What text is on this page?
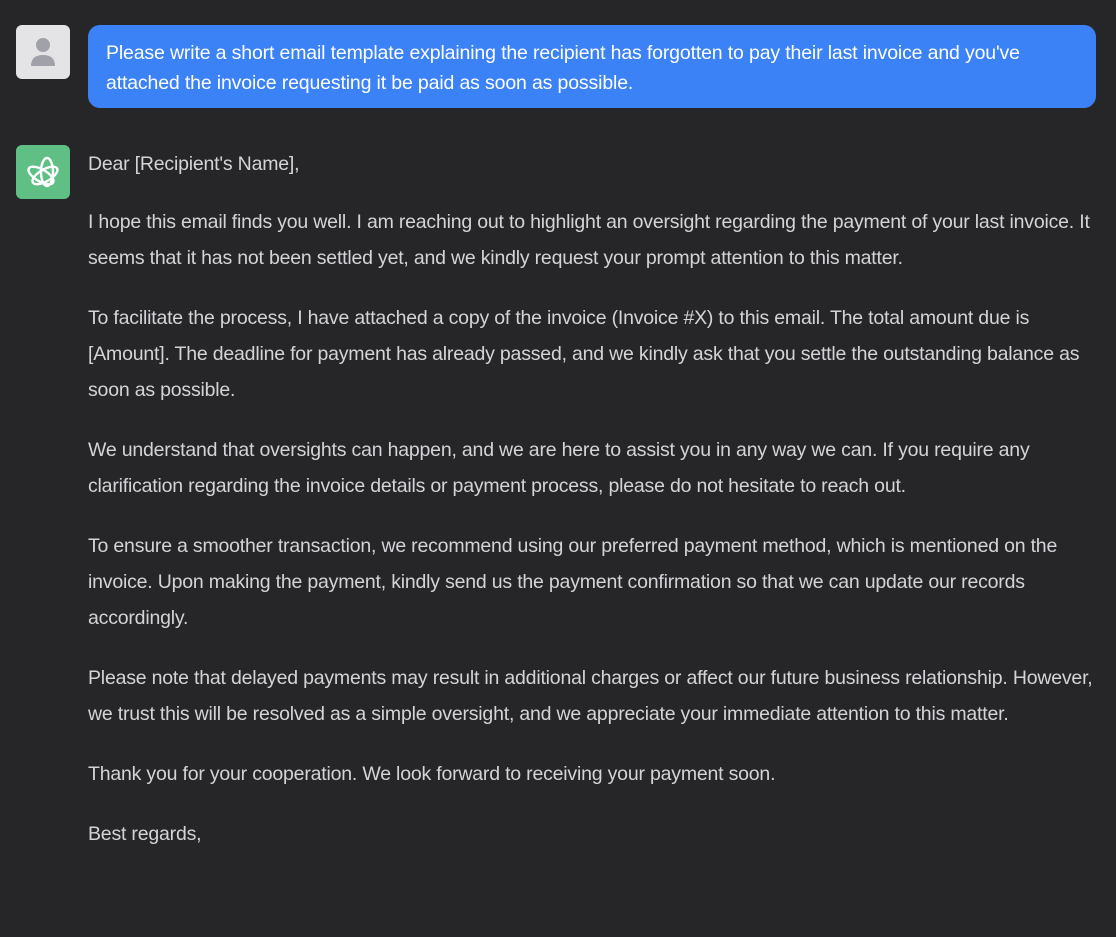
Please write a short email template explaining the recipient has forgotten to pay their last invoice and you've attached the invoice requesting it be paid as soon as possible.

Dear [Recipient's Name],

I hope this email finds you well. I am reaching out to highlight an oversight regarding the payment of your last invoice. It seems that it has not been settled yet, and we kindly request your prompt attention to this matter.

To facilitate the process, I have attached a copy of the invoice (Invoice #X) to this email. The total amount due is [Amount]. The deadline for payment has already passed, and we kindly ask that you settle the outstanding balance as soon as possible.

We understand that oversights can happen, and we are here to assist you in any way we can. If you require any clarification regarding the invoice details or payment process, please do not hesitate to reach out.

To ensure a smoother transaction, we recommend using our preferred payment method, which is mentioned on the invoice. Upon making the payment, kindly send us the payment confirmation so that we can update our records accordingly.

Please note that delayed payments may result in additional charges or affect our future business relationship. However, we trust this will be resolved as a simple oversight, and we appreciate your immediate attention to this matter.

Thank you for your cooperation. We look forward to receiving your payment soon.

Best regards,
